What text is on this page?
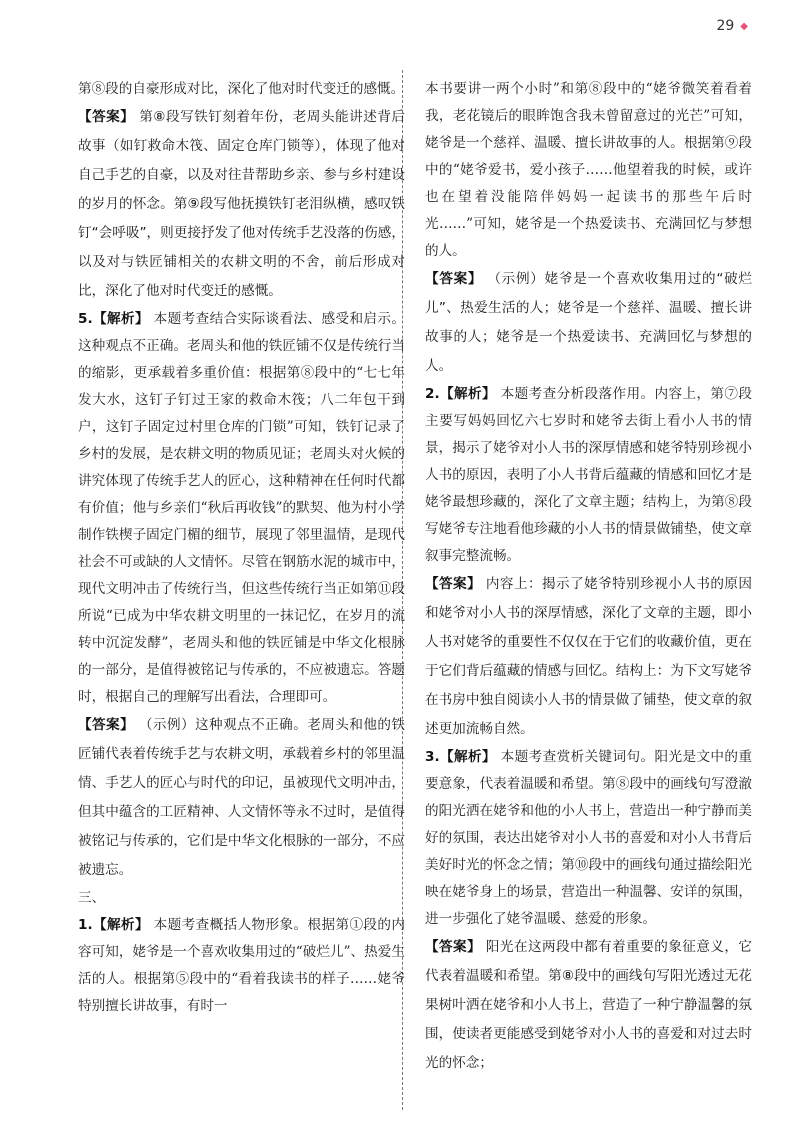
29 ◆

第⑧段的自豪形成对比，深化了他对时代变迁的感慨。

【答案】 第⑧段写铁钉刻着年份，老周头能讲述背后故事（如钉救命木筏、固定仓库门锁等），体现了他对自己手艺的自豪，以及对往昔帮助乡亲、参与乡村建设的岁月的怀念。第⑨段写他抚摸铁钉老泪纵横，感叹铁钉“会呼吸”，则更接抒发了他对传统手艺没落的伤感，以及对与铁匠铺相关的农耕文明的不舍，前后形成对比，深化了他对时代变迁的感慨。

5.【解析】 本题考查结合实际谈看法、感受和启示。这种观点不正确。老周头和他的铁匠铺不仅是传统行当的缩影，更承载着多重价值：根据第⑧段中的“七七年发大水，这钉子钉过王家的救命木筏；八二年包干到户，这钉子固定过村里仓库的门锁”可知，铁钉记录了乡村的发展，是农耕文明的物质见证；老周头对火候的讲究体现了传统手艺人的匠心，这种精神在任何时代都有价值；他与乡亲们“秋后再收钱”的默契、他为村小学制作铁楔子固定门楣的细节，展现了邻里温情，是现代社会不可或缺的人文情怀。尽管在钢筋水泥的城市中，现代文明冲击了传统行当，但这些传统行当正如第⑪段所说“已成为中华农耕文明里的一抹记忆，在岁月的流转中沉淀发酵”，老周头和他的铁匠铺是中华文化根脉的一部分，是值得被铭记与传承的，不应被遗忘。答题时，根据自己的理解写出看法，合理即可。

【答案】 （示例）这种观点不正确。老周头和他的铁匠铺代表着传统手艺与农耕文明，承载着乡村的邻里温情、手艺人的匠心与时代的印记，虽被现代文明冲击，但其中蕴含的工匠精神、人文情怀等永不过时，是值得被铭记与传承的，它们是中华文化根脉的一部分，不应被遗忘。

三、

1.【解析】 本题考查概括人物形象。根据第①段的内容可知，姥爷是一个喜欢收集用过的“破烂儿”、热爱生活的人。根据第⑤段中的“看着我读书的样子……姥爷特别擅长讲故事，有时一

本书要讲一两个小时”和第⑧段中的“姥爷微笑着看着我，老花镜后的眼眸饱含我未曾留意过的光芒”可知，姥爷是一个慈祥、温暖、擅长讲故事的人。根据第⑨段中的“姥爷爱书，爱小孩子……他望着我的时候，或许也在望着没能陪伴妈妈一起读书的那些午后时光……”可知，姥爷是一个热爱读书、充满回忆与梦想的人。

【答案】 （示例）姥爷是一个喜欢收集用过的“破烂儿”、热爱生活的人；姥爷是一个慈祥、温暖、擅长讲故事的人；姥爷是一个热爱读书、充满回忆与梦想的人。

2.【解析】 本题考查分析段落作用。内容上，第⑦段主要写妈妈回忆六七岁时和姥爷去街上看小人书的情景，揭示了姥爷对小人书的深厚情感和姥爷特别珍视小人书的原因，表明了小人书背后蕴藏的情感和回忆才是姥爷最想珍藏的，深化了文章主题；结构上，为第⑧段写姥爷专注地看他珍藏的小人书的情景做铺垫，使文章叙事完整流畅。

【答案】 内容上：揭示了姥爷特别珍视小人书的原因和姥爷对小人书的深厚情感，深化了文章的主题，即小人书对姥爷的重要性不仅仅在于它们的收藏价值，更在于它们背后蕴藏的情感与回忆。结构上：为下文写姥爷在书房中独自阅读小人书的情景做了铺垫，使文章的叙述更加流畅自然。

3.【解析】 本题考查赏析关键词句。阳光是文中的重要意象，代表着温暖和希望。第⑧段中的画线句写澄澈的阳光洒在姥爷和他的小人书上，营造出一种宁静而美好的氛围，表达出姥爷对小人书的喜爱和对小人书背后美好时光的怀念之情；第⑩段中的画线句通过描绘阳光映在姥爷身上的场景，营造出一种温馨、安详的氛围，进一步强化了姥爷温暖、慈爱的形象。

【答案】 阳光在这两段中都有着重要的象征意义，它代表着温暖和希望。第⑧段中的画线句写阳光透过无花果树叶洒在姥爷和小人书上，营造了一种宁静温馨的氛围，使读者更能感受到姥爷对小人书的喜爱和对过去时光的怀念；
